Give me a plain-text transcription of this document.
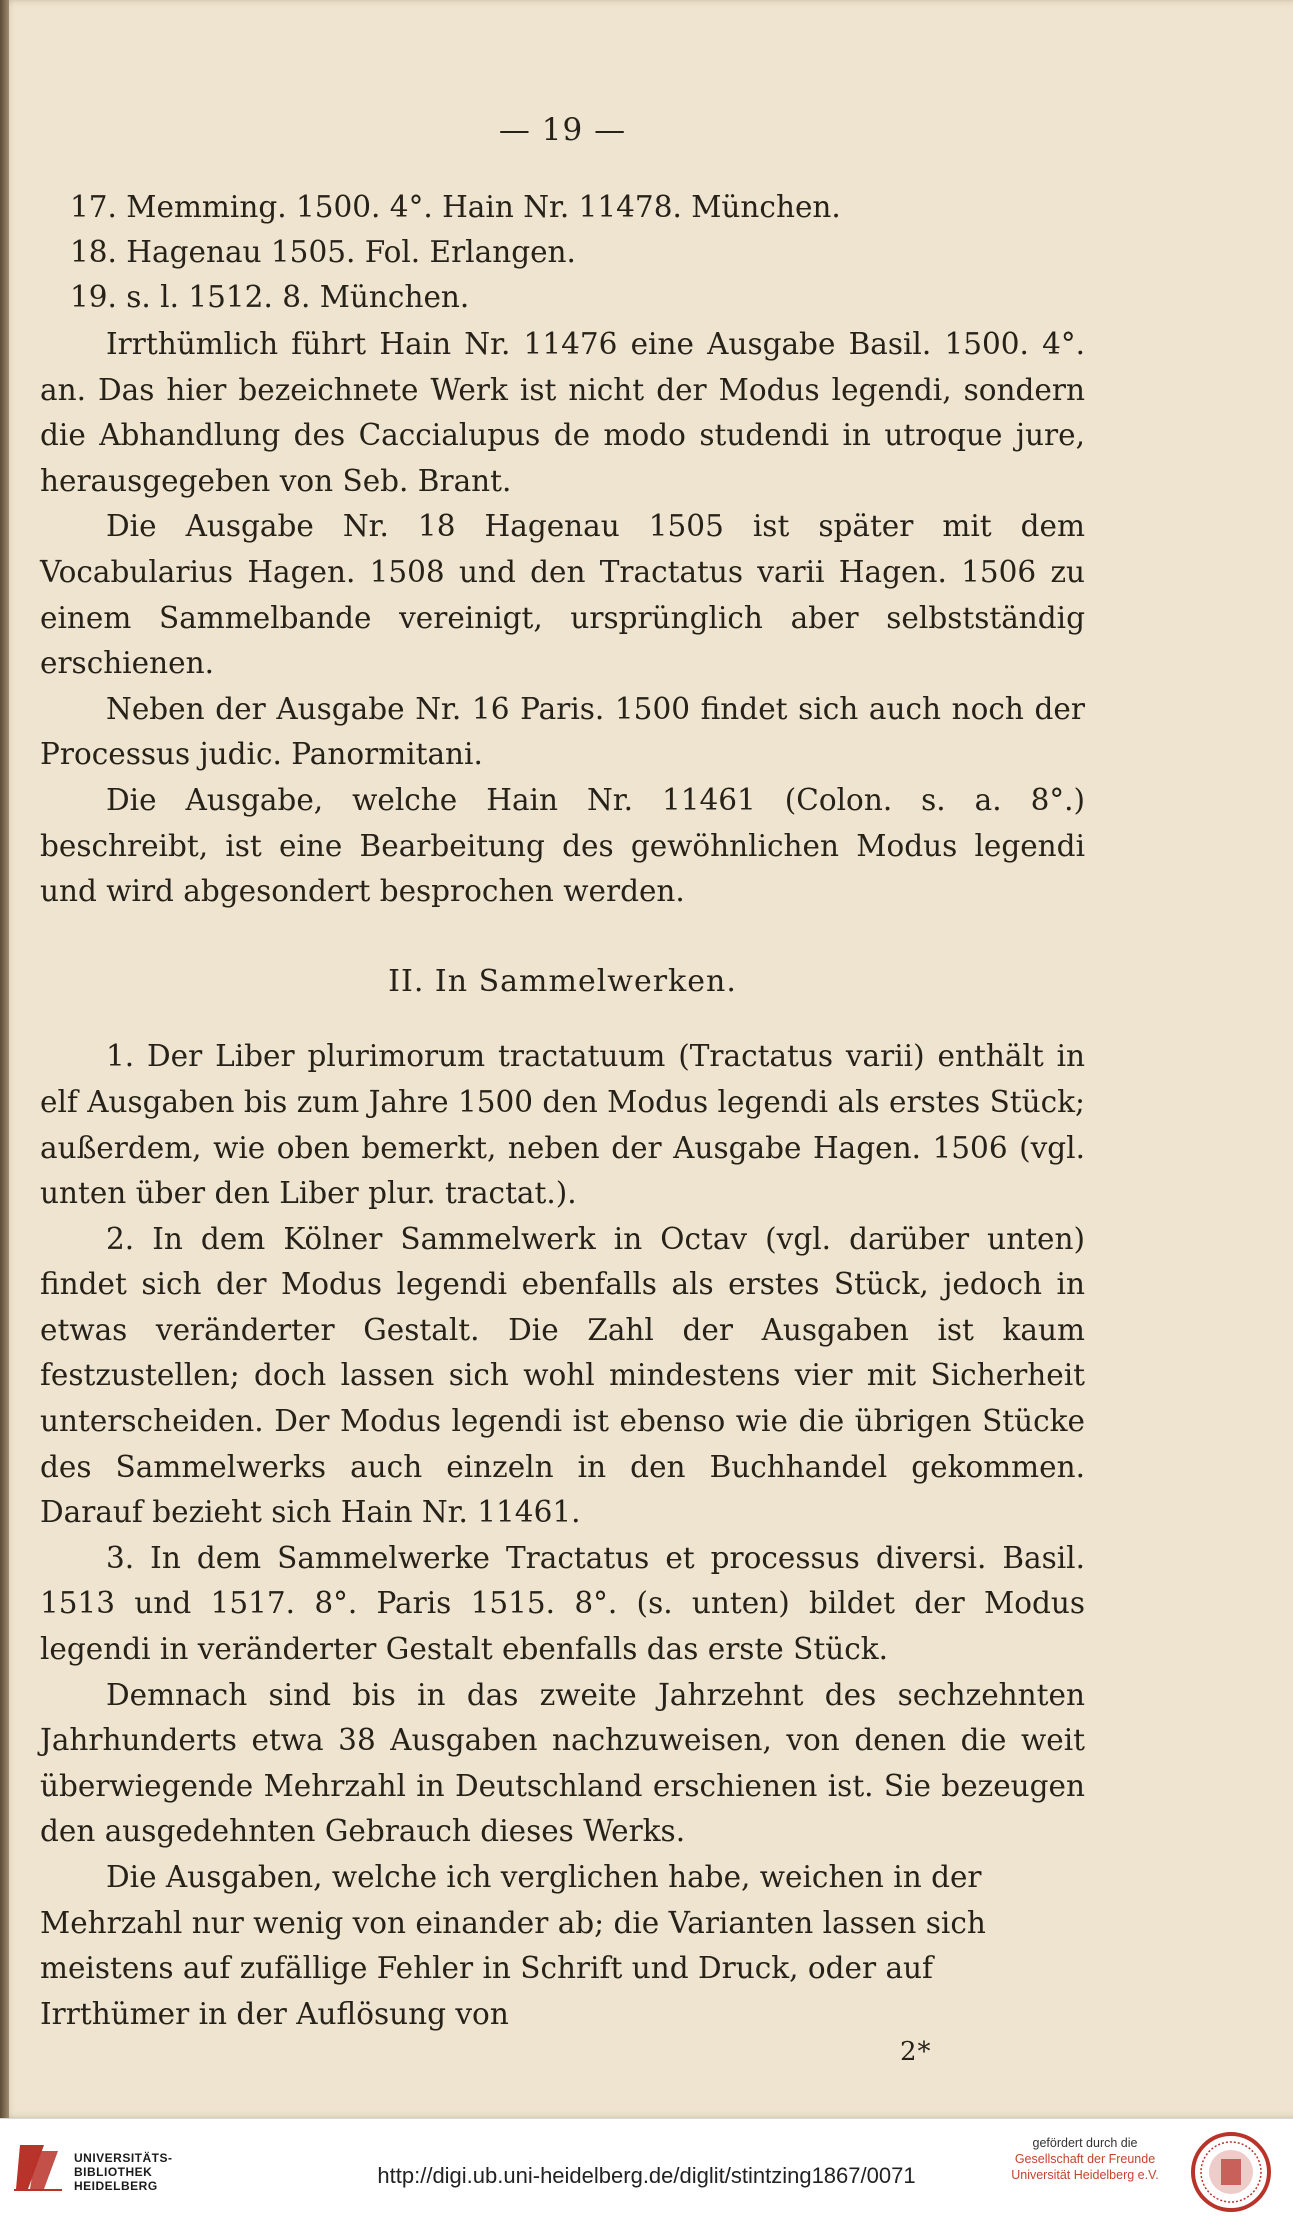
— 19 —
17. Memming. 1500. 4°. Hain Nr. 11478. München.
18. Hagenau 1505. Fol. Erlangen.
19. s. l. 1512. 8. München.

Irrthümlich führt Hain Nr. 11476 eine Ausgabe Basil. 1500. 4°. an. Das hier bezeichnete Werk ist nicht der Modus legendi, sondern die Abhandlung des Caccialupus de modo studendi in utroque jure, herausgegeben von Seb. Brant.

Die Ausgabe Nr. 18 Hagenau 1505 ist später mit dem Vocabularius Hagen. 1508 und den Tractatus varii Hagen. 1506 zu einem Sammelbande vereinigt, ursprünglich aber selbstständig erschienen.

Neben der Ausgabe Nr. 16 Paris. 1500 findet sich auch noch der Processus judic. Panormitani.

Die Ausgabe, welche Hain Nr. 11461 (Colon. s. a. 8°.) beschreibt, ist eine Bearbeitung des gewöhnlichen Modus legendi und wird abgesondert besprochen werden.

II. In Sammelwerken.

1. Der Liber plurimorum tractatuum (Tractatus varii) enthält in elf Ausgaben bis zum Jahre 1500 den Modus legendi als erstes Stück; außerdem, wie oben bemerkt, neben der Ausgabe Hagen. 1506 (vgl. unten über den Liber plur. tractat.).

2. In dem Kölner Sammelwerk in Octav (vgl. darüber unten) findet sich der Modus legendi ebenfalls als erstes Stück, jedoch in etwas veränderter Gestalt. Die Zahl der Ausgaben ist kaum festzustellen; doch lassen sich wohl mindestens vier mit Sicherheit unterscheiden. Der Modus legendi ist ebenso wie die übrigen Stücke des Sammelwerks auch einzeln in den Buchhandel gekommen. Darauf bezieht sich Hain Nr. 11461.

3. In dem Sammelwerke Tractatus et processus diversi. Basil. 1513 und 1517. 8°. Paris 1515. 8°. (s. unten) bildet der Modus legendi in veränderter Gestalt ebenfalls das erste Stück.

Demnach sind bis in das zweite Jahrzehnt des sechzehnten Jahrhunderts etwa 38 Ausgaben nachzuweisen, von denen die weit überwiegende Mehrzahl in Deutschland erschienen ist. Sie bezeugen den ausgedehnten Gebrauch dieses Werks.

Die Ausgaben, welche ich verglichen habe, weichen in der Mehrzahl nur wenig von einander ab; die Varianten lassen sich meistens auf zufällige Fehler in Schrift und Druck, oder auf Irrthümer in der Auflösung von

2*
UNIVERSITÄTS-
BIBLIOTHEK
HEIDELBERG	http://digi.ub.uni-heidelberg.de/diglit/stintzing1867/0071
gefördert durch die
Gesellschaft der Freunde
Universität Heidelberg e.V.
